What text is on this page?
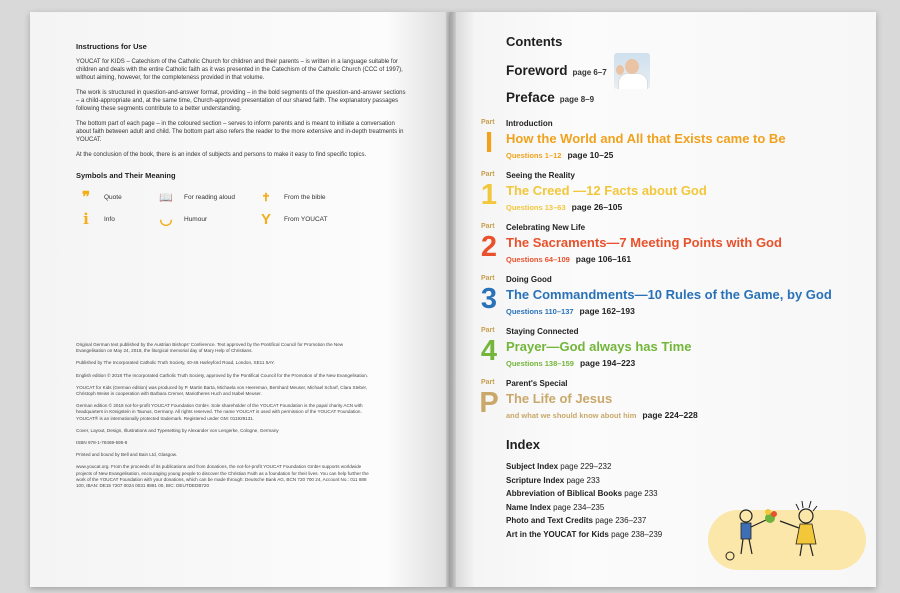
Instructions for Use

YOUCAT for KIDS – Catechism of the Catholic Church for children and their parents – is written in a language suitable for children and deals with the entire Catholic faith as it was presented in the Catechism of the Catholic Church (CCC of 1997), without aiming, however, for the completeness provided in that volume.

The work is structured in question-and-answer format, providing – in the bold segments of the question-and-answer sections – a child-appropriate and, at the same time, Church-approved presentation of our shared faith. The explanatory passages following these segments contribute to a better understanding.

The bottom part of each page – in the coloured section – serves to inform parents and is meant to initiate a conversation about faith between adult and child. The bottom part also refers the reader to the more extensive and in-depth treatments in YOUCAT.

At the conclusion of the book, there is an index of subjects and persons to make it easy to find specific topics.

Symbols and Their Meaning
❞	Quote	📖	For reading aloud	✝	From the bible
i	Info	◡	Humour	Y	From YOUCAT

Original German text published by the Austrian Bishops' Conference. Text approved by the Pontifical Council for Promotion the New Evangelisation on May 24, 2018, the liturgical memorial day of Mary Help of Christians.

Published by The Incorporated Catholic Truth Society, 40-46 Harleyford Road, London, SE11 5AY.

English edition © 2018 The Incorporated Catholic Truth Society, approved by the Pontifical Council for the Promotion of the New Evangelisation.

YOUCAT for Kids (German edition) was produced by P. Martin Barta, Michaela von Heereman, Bernhard Meuser, Michael Scharf, Clara Steber, Christoph Weiss in cooperation with Barbara Cremer, Mariotheres Huch and Isabel Meuser.

German edition © 2018 not-for-profit YOUCAT Foundation GmbH. Sole shareholder of the YOUCAT Foundation is the papal charity ACN with headquarters in Königstein in Taunus, Germany. All rights reserved. The name YOUCAT is used with permission of the YOUCAT Foundation. YOUCAT® is an internationally protected trademark. Registered under GM: 011929131.

Cover, Layout, Design, Illustrations and Typesetting by Alexander von Lengerke, Cologne, Germany

ISBN 978-1-78469-595-8

Printed and bound by Bell and Bain Ltd, Glasgow.

www.youcat.org. From the proceeds of its publications and from donations, the not-for-profit YOUCAT Foundation GmbH supports worldwide projects of New Evangelisation, encouraging young people to discover the Christian Faith as a foundation for their lives. You can help further the work of the YOUCAT Foundation with your donations, which can be made through: Deutsche Bank AG, BCN 720 700 24, Account No.: 011 888 100, IBAN: DE15 7207 0024 0031 8881 00, BIC: DEUTDEDB720

Contents
Foreword page 6–7
Preface page 8–9
Part
I
Introduction
How the World and All that Exists came to Be
Questions 1–12 page 10–25
Part
1
Seeing the Reality
The Creed —12 Facts about God
Questions 13–63 page 26–105
Part
2
Celebrating New Life
The Sacraments—7 Meeting Points with God
Questions 64–109 page 106–161
Part
3
Doing Good
The Commandments—10 Rules of the Game, by God
Questions 110–137 page 162–193
Part
4
Staying Connected
Prayer—God always has Time
Questions 138–159 page 194–223
Part
P
Parent's Special
The Life of Jesus
and what we should know about him page 224–228
Index
Subject Index page 229–232
Scripture Index page 233
Abbreviation of Biblical Books page 233
Name Index page 234–235
Photo and Text Credits page 236–237
Art in the YOUCAT for Kids page 238–239
